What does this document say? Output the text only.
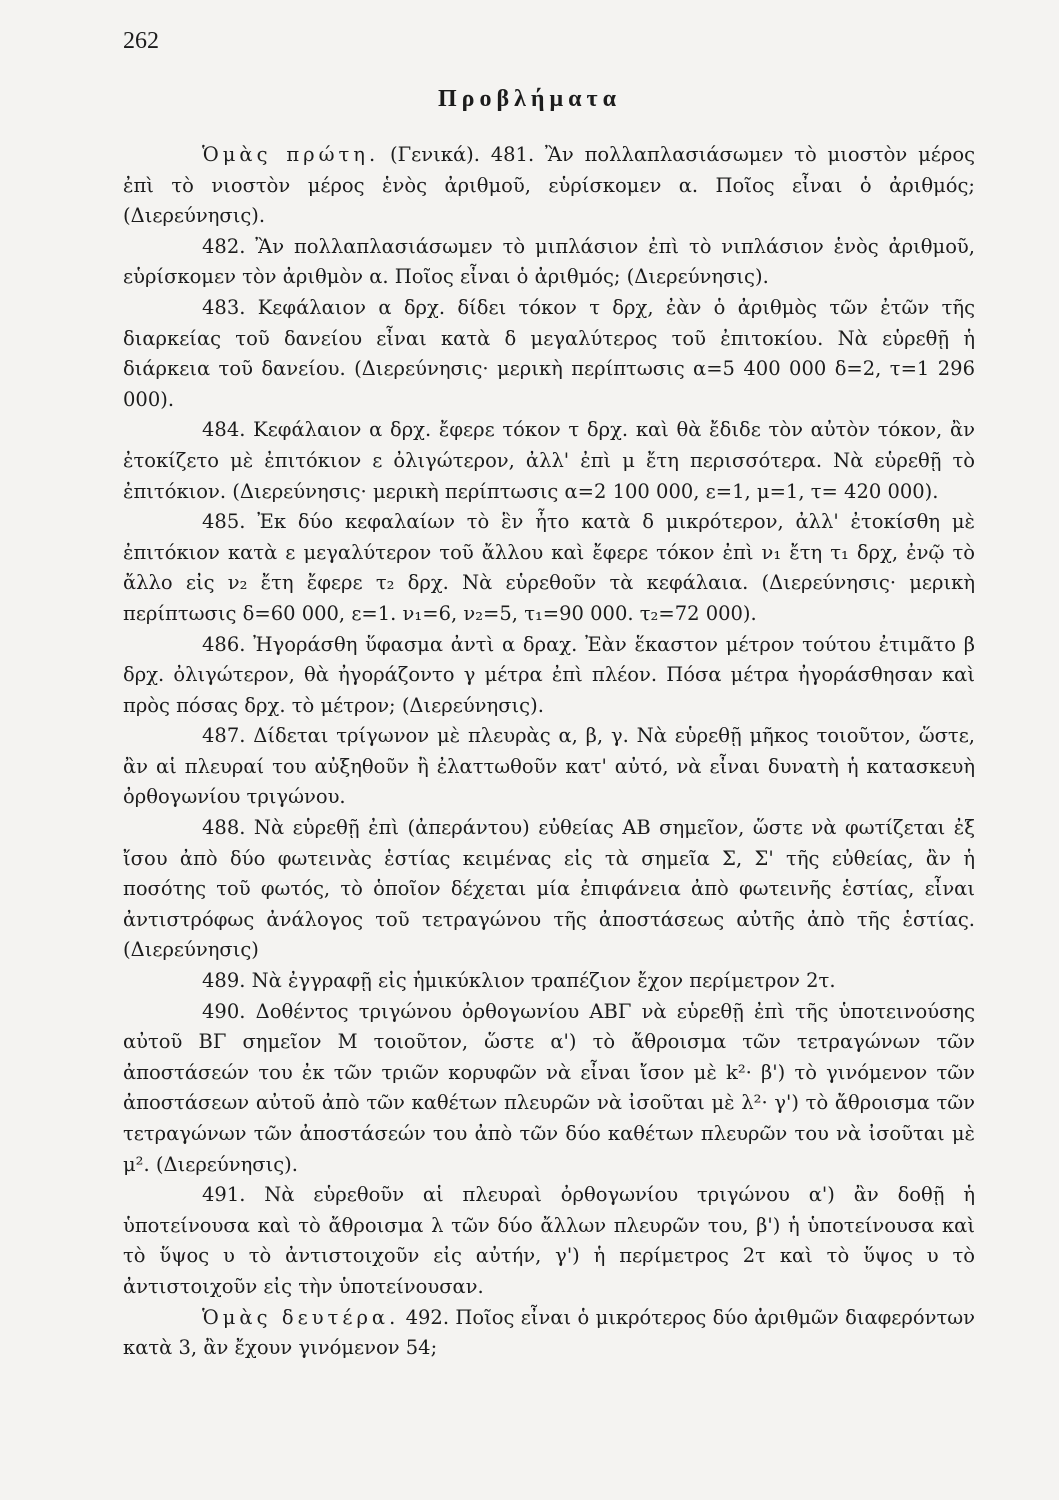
262
Προβλήματα

Ὁμὰς πρώτη. (Γενικά). 481. Ἂν πολλαπλασιάσωμεν τὸ μιοστὸν μέρος ἐπὶ τὸ νιοστὸν μέρος ἑνὸς ἀριθμοῦ, εὑρίσκομεν α. Ποῖος εἶναι ὁ ἀριθμός; (Διερεύνησις).

482. Ἂν πολλαπλασιάσωμεν τὸ μιπλάσιον ἐπὶ τὸ νιπλάσιον ἑνὸς ἀριθμοῦ, εὑρίσκομεν τὸν ἀριθμὸν α. Ποῖος εἶναι ὁ ἀριθμός; (Διερεύνησις).

483. Κεφάλαιον α δρχ. δίδει τόκον τ δρχ, ἐὰν ὁ ἀριθμὸς τῶν ἐτῶν τῆς διαρκείας τοῦ δανείου εἶναι κατὰ δ μεγαλύτερος τοῦ ἐπιτοκίου. Νὰ εὑρεθῇ ἡ διάρκεια τοῦ δανείου. (Διερεύνησις· μερικὴ περίπτωσις α=5 400 000 δ=2, τ=1 296 000).

484. Κεφάλαιον α δρχ. ἔφερε τόκον τ δρχ. καὶ θὰ ἔδιδε τὸν αὐτὸν τόκον, ἂν ἐτοκίζετο μὲ ἐπιτόκιον ε ὀλιγώτερον, ἀλλ' ἐπὶ μ ἔτη περισσότερα. Νὰ εὑρεθῇ τὸ ἐπιτόκιον. (Διερεύνησις· μερικὴ περίπτωσις α=2 100 000, ε=1, μ=1, τ= 420 000).

485. Ἐκ δύο κεφαλαίων τὸ ἓν ἦτο κατὰ δ μικρότερον, ἀλλ' ἐτοκίσθη μὲ ἐπιτόκιον κατὰ ε μεγαλύτερον τοῦ ἄλλου καὶ ἔφερε τόκον ἐπὶ ν₁ ἔτη τ₁ δρχ, ἐνῷ τὸ ἄλλο εἰς ν₂ ἔτη ἔφερε τ₂ δρχ. Νὰ εὑρεθοῦν τὰ κεφάλαια. (Διερεύνησις· μερικὴ περίπτωσις δ=60 000, ε=1. ν₁=6, ν₂=5, τ₁=90 000. τ₂=72 000).

486. Ἠγοράσθη ὕφασμα ἀντὶ α δραχ. Ἐὰν ἕκαστον μέτρον τούτου ἐτιμᾶτο β δρχ. ὀλιγώτερον, θὰ ἠγοράζοντο γ μέτρα ἐπὶ πλέον. Πόσα μέτρα ἠγοράσθησαν καὶ πρὸς πόσας δρχ. τὸ μέτρον; (Διερεύνησις).

487. Δίδεται τρίγωνον μὲ πλευρὰς α, β, γ. Νὰ εὑρεθῇ μῆκος τοιοῦτον, ὥστε, ἂν αἱ πλευραί του αὐξηθοῦν ἢ ἐλαττωθοῦν κατ' αὐτό, νὰ εἶναι δυνατὴ ἡ κατασκευὴ ὀρθογωνίου τριγώνου.

488. Νὰ εὑρεθῇ ἐπὶ (ἀπεράντου) εὐθείας ΑΒ σημεῖον, ὥστε νὰ φωτίζεται ἐξ ἴσου ἀπὸ δύο φωτεινὰς ἑστίας κειμένας εἰς τὰ σημεῖα Σ, Σ' τῆς εὐθείας, ἂν ἡ ποσότης τοῦ φωτός, τὸ ὁποῖον δέχεται μία ἐπιφάνεια ἀπὸ φωτεινῆς ἑστίας, εἶναι ἀντιστρόφως ἀνάλογος τοῦ τετραγώνου τῆς ἀποστάσεως αὐτῆς ἀπὸ τῆς ἑστίας. (Διερεύνησις)

489. Νὰ ἐγγραφῇ εἰς ἡμικύκλιον τραπέζιον ἔχον περίμετρον 2τ.

490. Δοθέντος τριγώνου ὀρθογωνίου ΑΒΓ νὰ εὑρεθῇ ἐπὶ τῆς ὑποτεινούσης αὐτοῦ ΒΓ σημεῖον Μ τοιοῦτον, ὥστε α') τὸ ἄθροισμα τῶν τετραγώνων τῶν ἀποστάσεών του ἐκ τῶν τριῶν κορυφῶν νὰ εἶναι ἴσον μὲ k²· β') τὸ γινόμενον τῶν ἀποστάσεων αὐτοῦ ἀπὸ τῶν καθέτων πλευρῶν νὰ ἰσοῦται μὲ λ²· γ') τὸ ἄθροισμα τῶν τετραγώνων τῶν ἀποστάσεών του ἀπὸ τῶν δύο καθέτων πλευρῶν του νὰ ἰσοῦται μὲ μ². (Διερεύνησις).

491. Νὰ εὑρεθοῦν αἱ πλευραὶ ὀρθογωνίου τριγώνου α') ἂν δοθῇ ἡ ὑποτείνουσα καὶ τὸ ἄθροισμα λ τῶν δύο ἄλλων πλευρῶν του, β') ἡ ὑποτείνουσα καὶ τὸ ὕψος υ τὸ ἀντιστοιχοῦν εἰς αὐτήν, γ') ἡ περίμετρος 2τ καὶ τὸ ὕψος υ τὸ ἀντιστοιχοῦν εἰς τὴν ὑποτείνουσαν.

Ὁμὰς δευτέρα. 492. Ποῖος εἶναι ὁ μικρότερος δύο ἀριθμῶν διαφερόντων κατὰ 3, ἂν ἔχουν γινόμενον 54;
